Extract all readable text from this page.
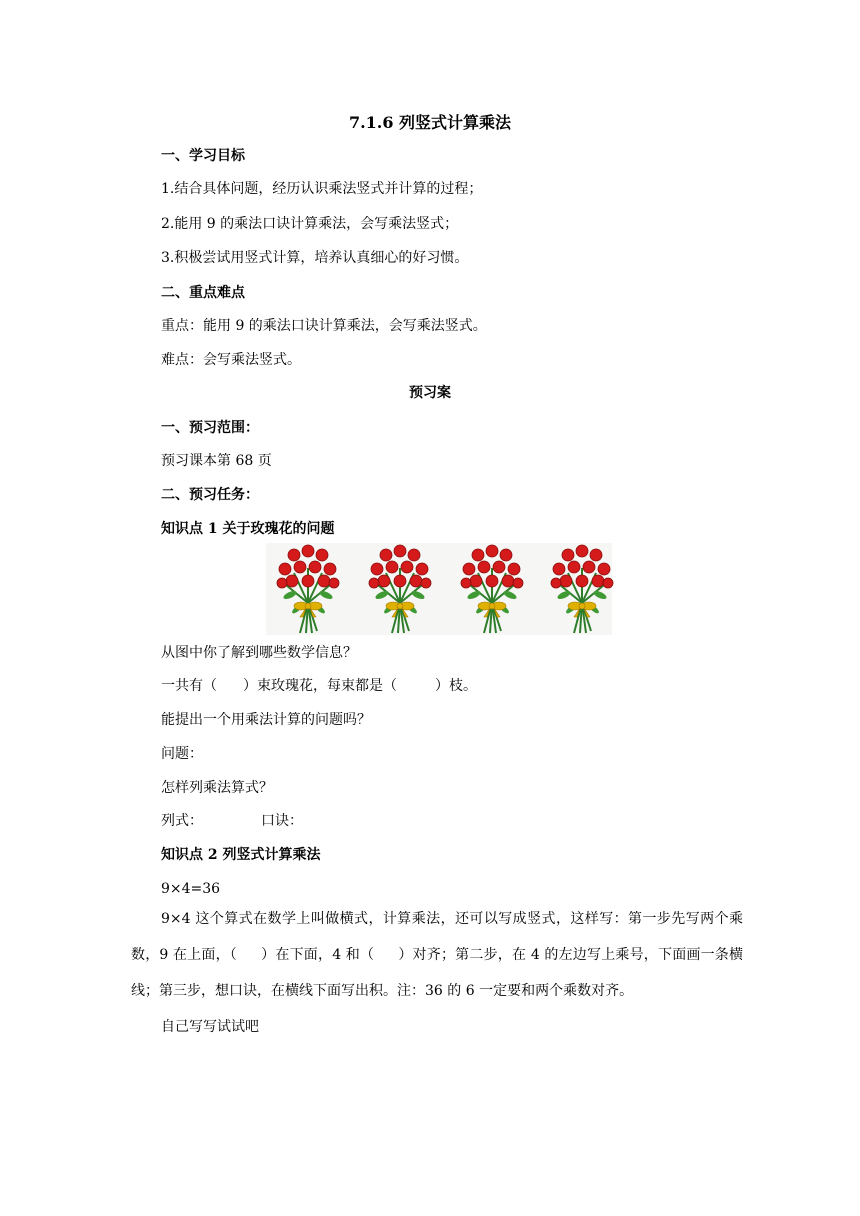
7.1.6 列竖式计算乘法
一、学习目标
1.结合具体问题，经历认识乘法竖式并计算的过程；
2.能用 9 的乘法口诀计算乘法，会写乘法竖式；
3.积极尝试用竖式计算，培养认真细心的好习惯。
二、重点难点
重点：能用 9 的乘法口诀计算乘法，会写乘法竖式。
难点：会写乘法竖式。
预习案
一、预习范围：
预习课本第 68 页
二、预习任务：
知识点 1 关于玫瑰花的问题
从图中你了解到哪些数学信息？
一共有（ ）束玫瑰花，每束都是（	）枝。
能提出一个用乘法计算的问题吗？
问题：
怎样列乘法算式？
列式：	口诀：
知识点 2 列竖式计算乘法
9×4=36
9×4 这个算式在数学上叫做横式，计算乘法，还可以写成竖式，这样写：第一步先写两个乘数，9 在上面，（ ）在下面，4 和（ ）对齐；第二步，在 4 的左边写上乘号，下面画一条横线；第三步，想口诀，在横线下面写出积。注：36 的 6 一定要和两个乘数对齐。
自己写写试试吧
